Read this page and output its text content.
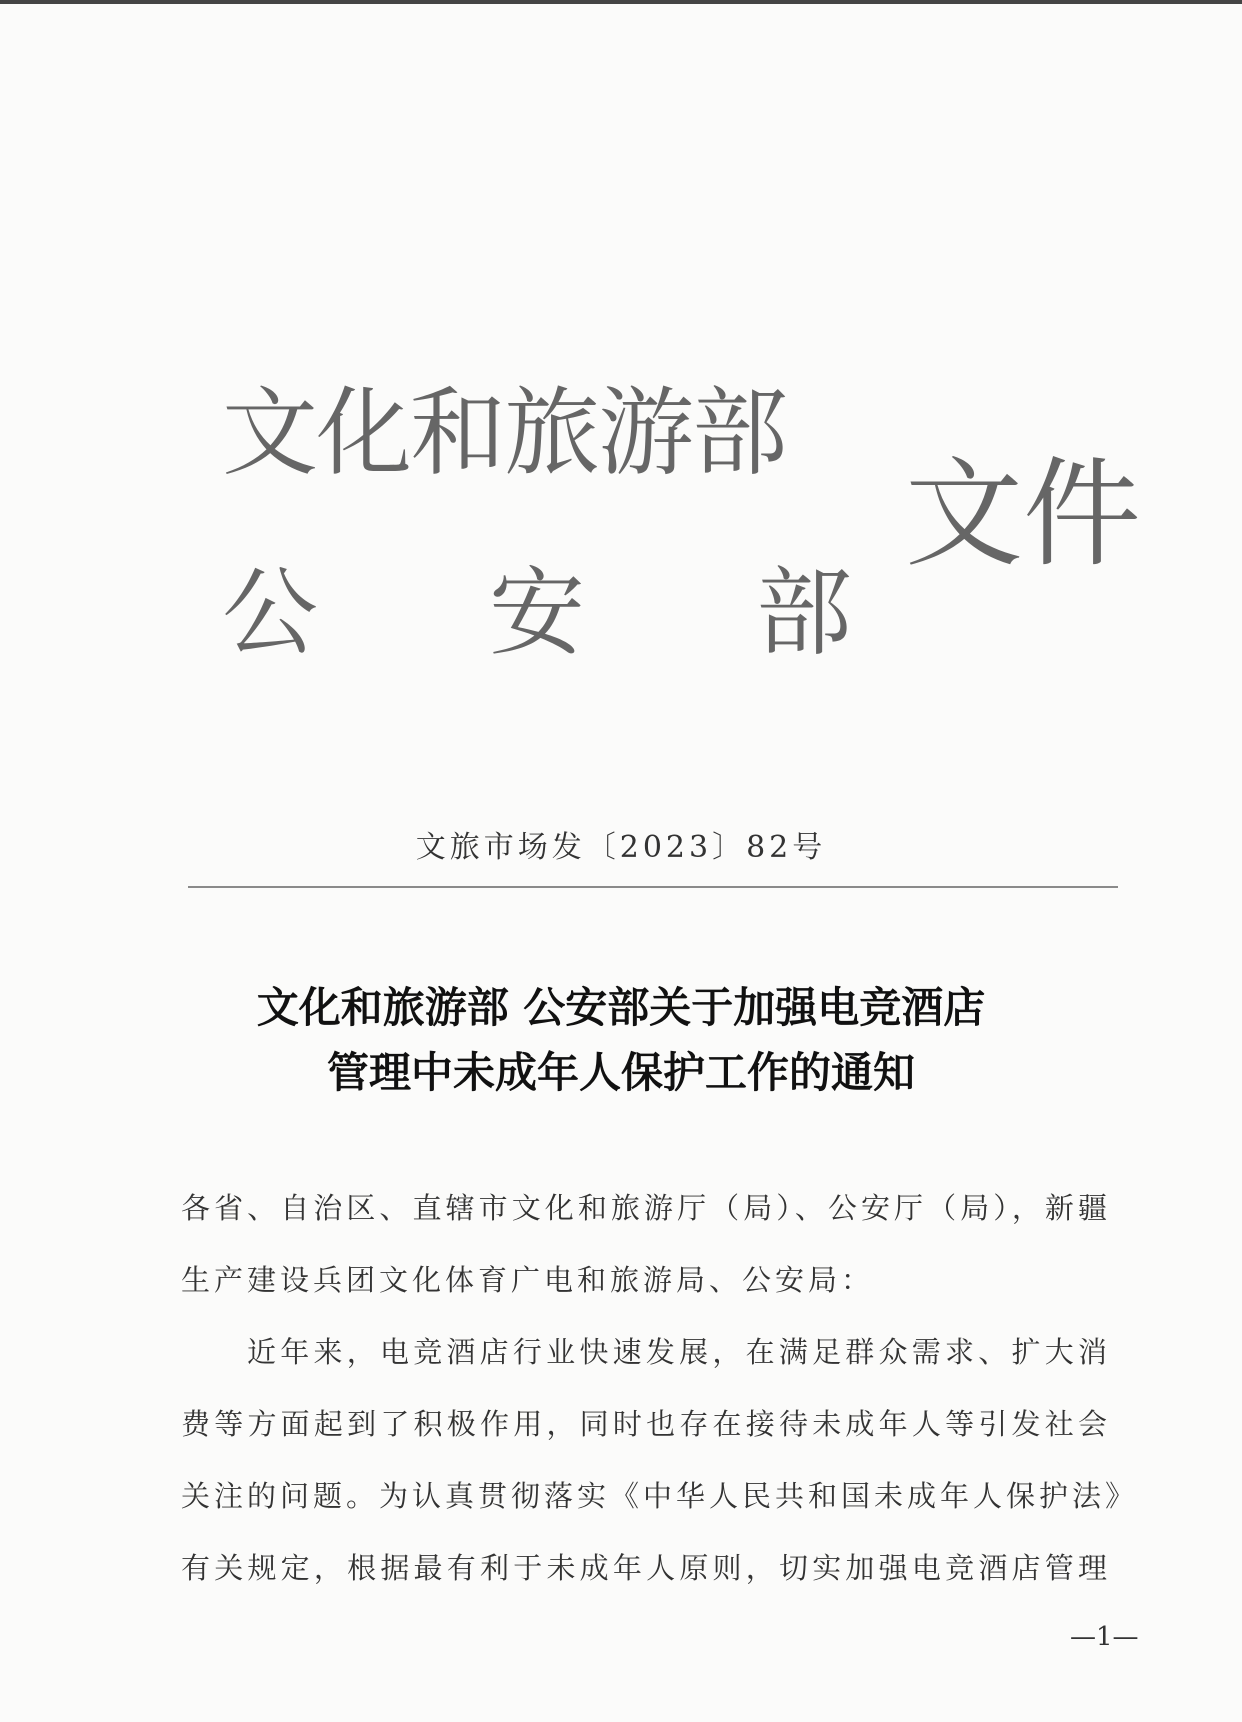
文化和旅游部
公 安 部
文件
文旅市场发〔2023〕82号
文化和旅游部 公安部关于加强电竞酒店
管理中未成年人保护工作的通知
各省、自治区、直辖市文化和旅游厅（局）、公安厅（局），新疆
生产建设兵团文化体育广电和旅游局、公安局：
近年来，电竞酒店行业快速发展，在满足群众需求、扩大消
费等方面起到了积极作用，同时也存在接待未成年人等引发社会
关注的问题。为认真贯彻落实《中华人民共和国未成年人保护法》
有关规定，根据最有利于未成年人原则，切实加强电竞酒店管理
—1—
